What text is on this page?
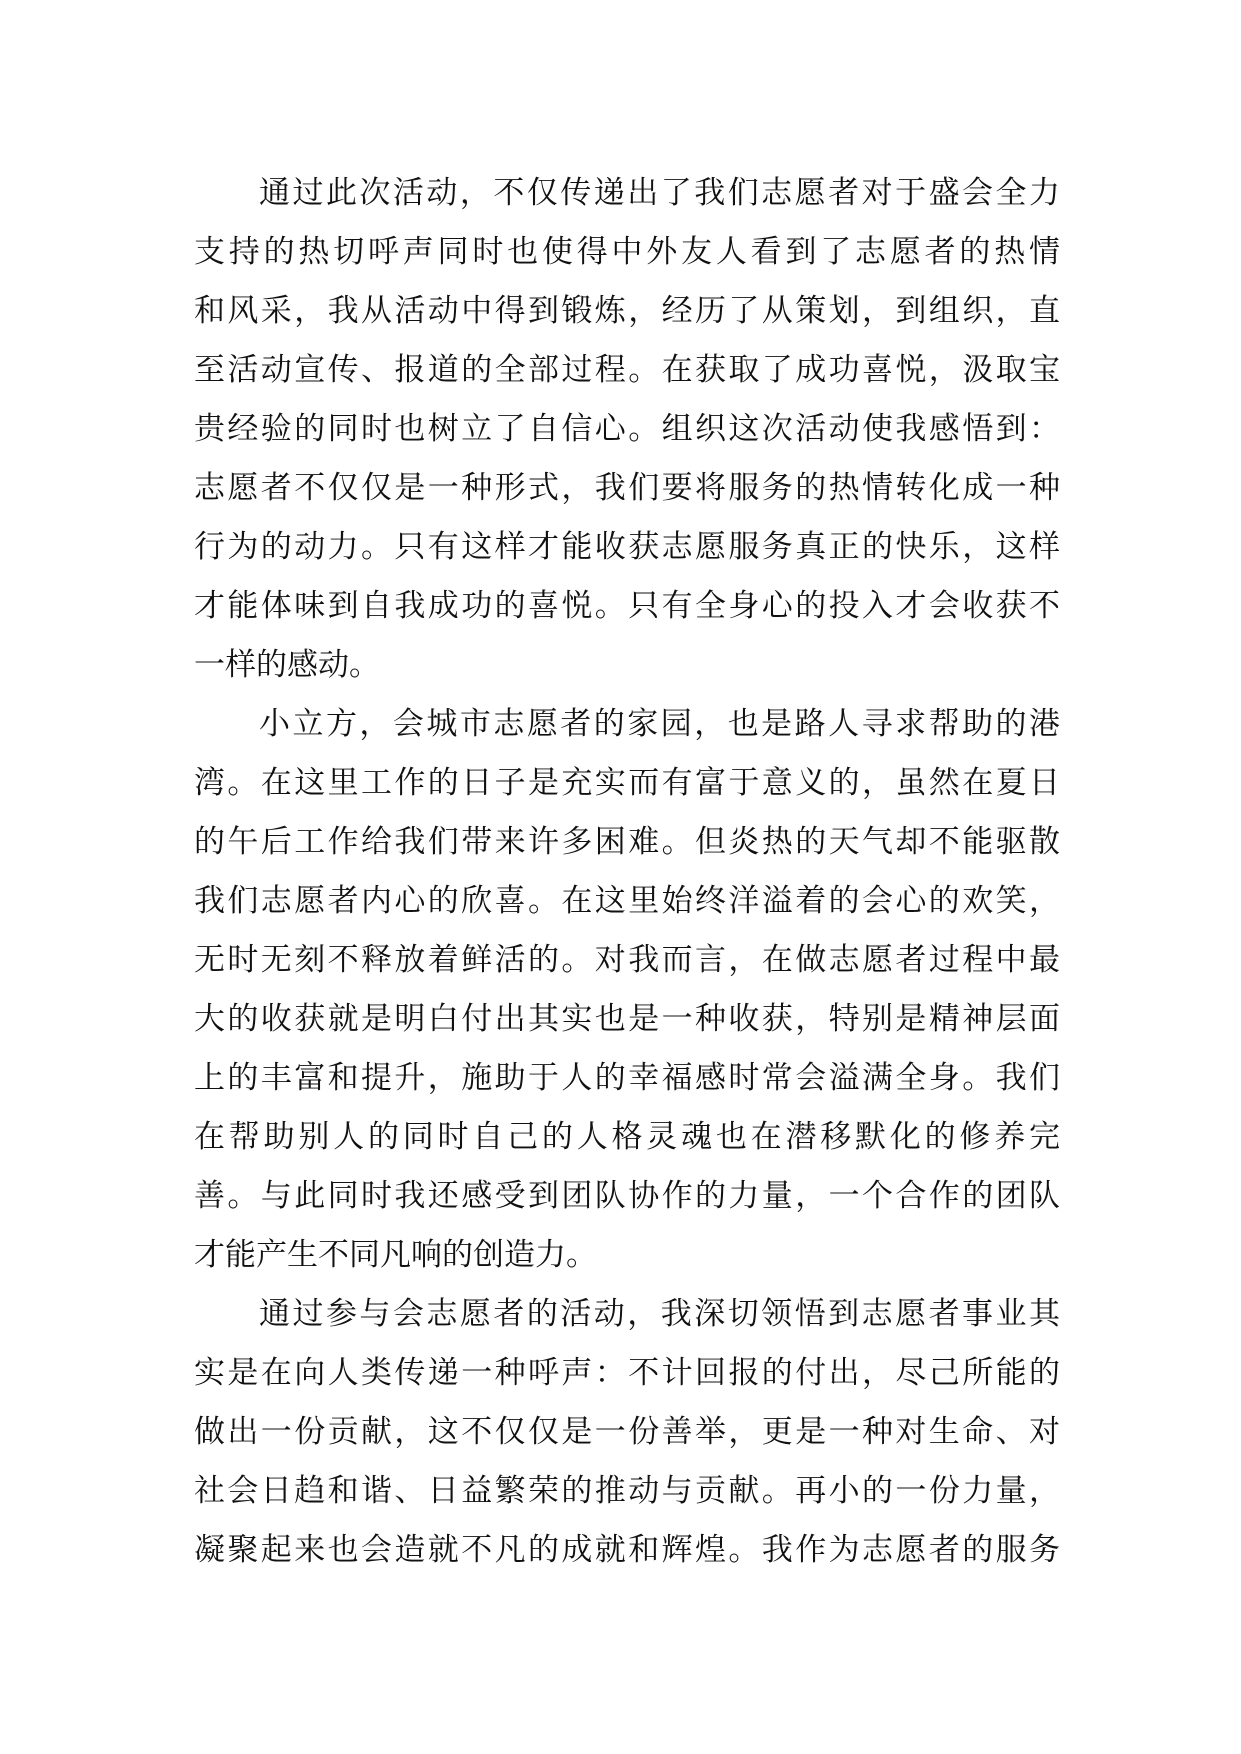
通过此次活动，不仅传递出了我们志愿者对于盛会全力
支持的热切呼声同时也使得中外友人看到了志愿者的热情
和风采，我从活动中得到锻炼，经历了从策划，到组织，直
至活动宣传、报道的全部过程。在获取了成功喜悦，汲取宝
贵经验的同时也树立了自信心。组织这次活动使我感悟到：
志愿者不仅仅是一种形式，我们要将服务的热情转化成一种
行为的动力。只有这样才能收获志愿服务真正的快乐，这样
才能体味到自我成功的喜悦。只有全身心的投入才会收获不
一样的感动。
小立方，会城市志愿者的家园，也是路人寻求帮助的港
湾。在这里工作的日子是充实而有富于意义的，虽然在夏日
的午后工作给我们带来许多困难。但炎热的天气却不能驱散
我们志愿者内心的欣喜。在这里始终洋溢着的会心的欢笑，
无时无刻不释放着鲜活的。对我而言，在做志愿者过程中最
大的收获就是明白付出其实也是一种收获，特别是精神层面
上的丰富和提升，施助于人的幸福感时常会溢满全身。我们
在帮助别人的同时自己的人格灵魂也在潜移默化的修养完
善。与此同时我还感受到团队协作的力量，一个合作的团队
才能产生不同凡响的创造力。
通过参与会志愿者的活动，我深切领悟到志愿者事业其
实是在向人类传递一种呼声：不计回报的付出，尽己所能的
做出一份贡献，这不仅仅是一份善举，更是一种对生命、对
社会日趋和谐、日益繁荣的推动与贡献。再小的一份力量，
凝聚起来也会造就不凡的成就和辉煌。我作为志愿者的服务
